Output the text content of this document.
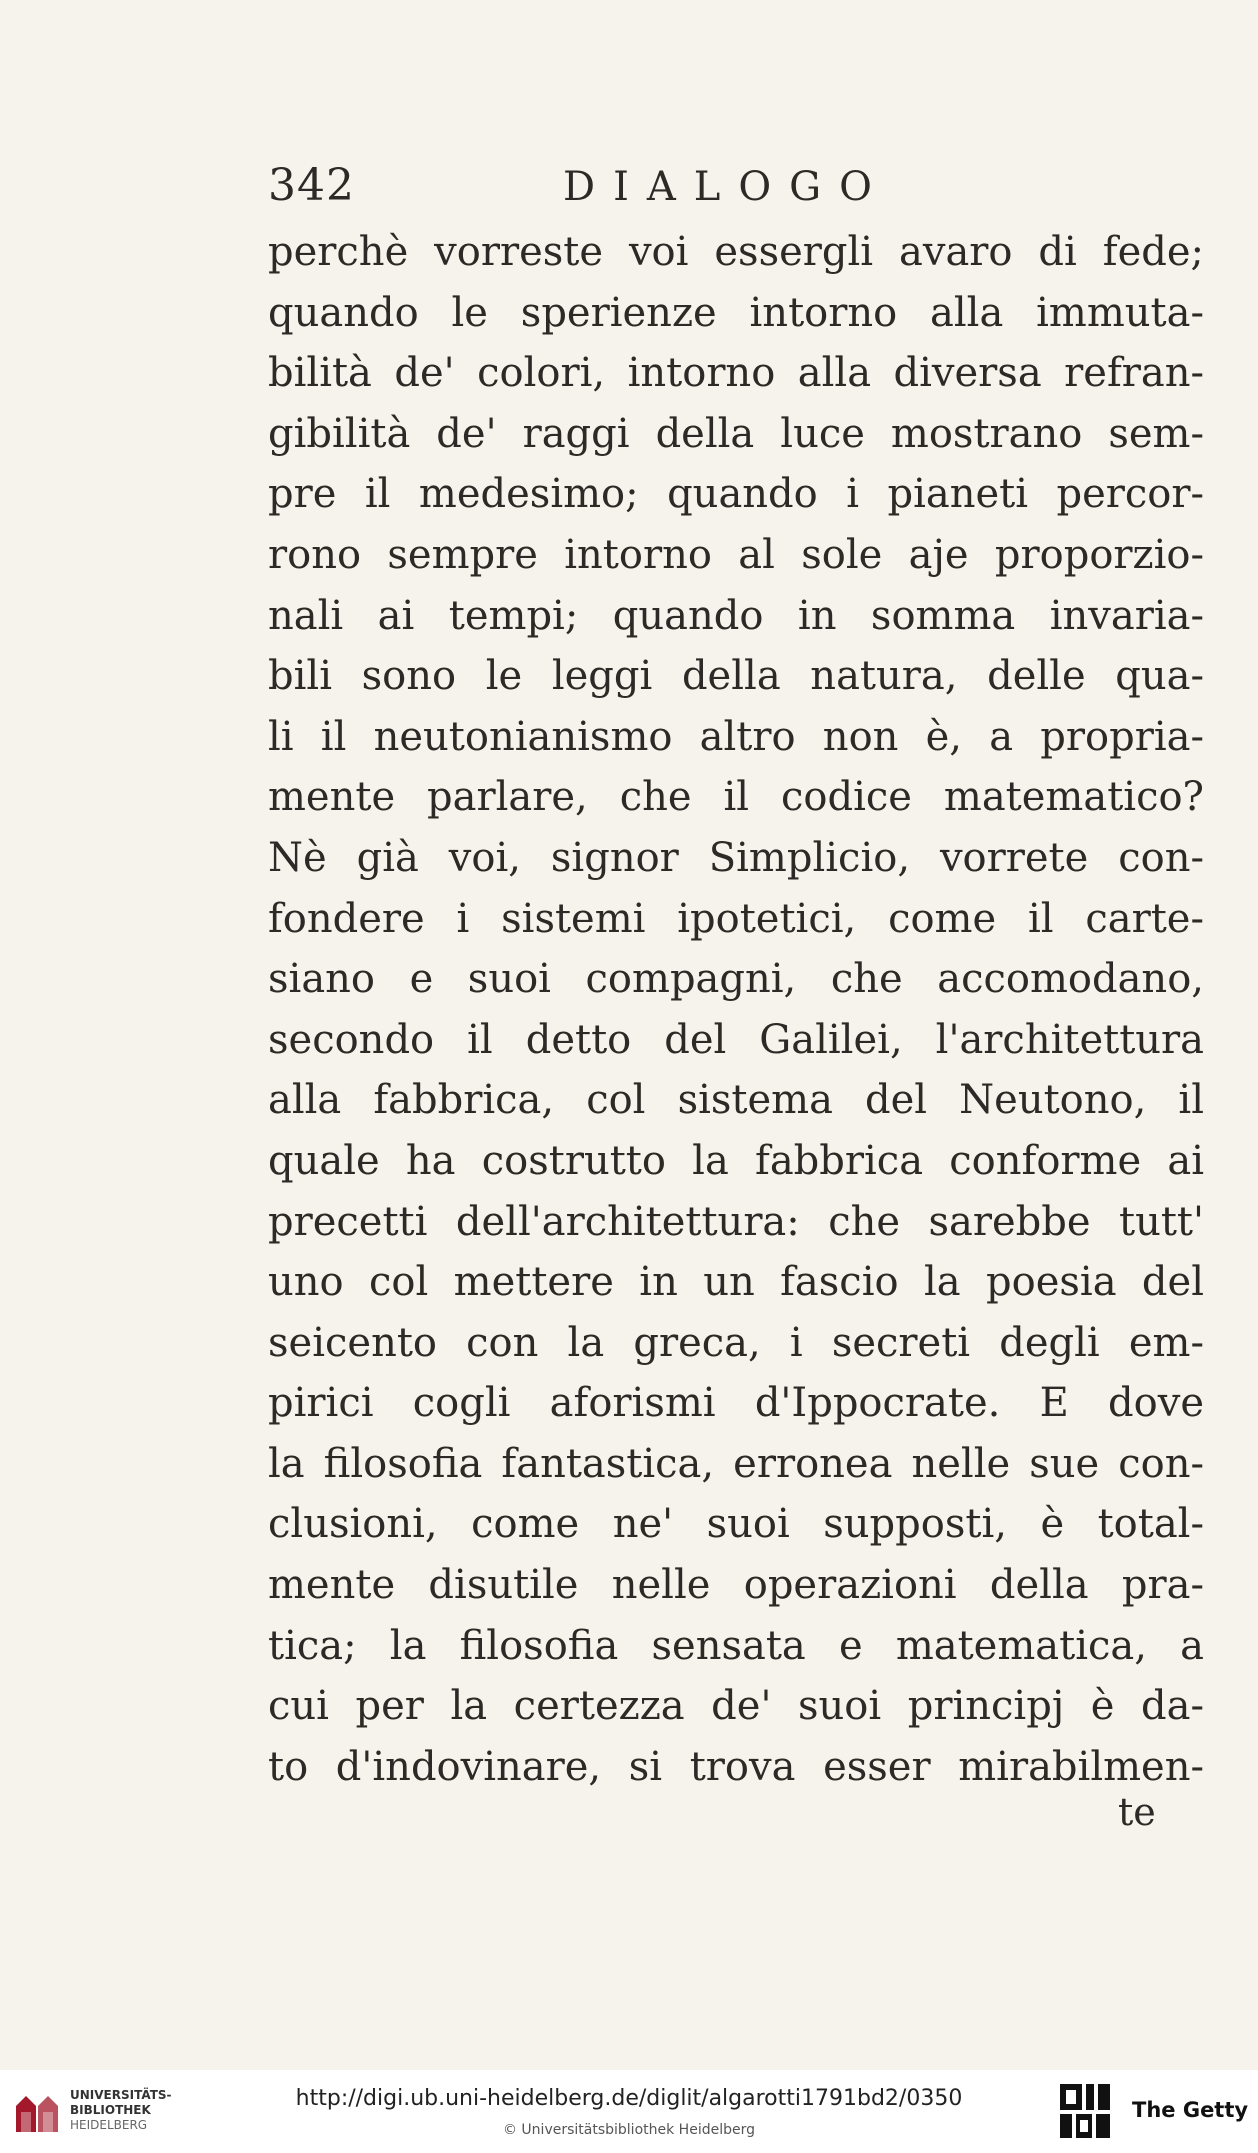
342	DIALOGO
perchè vorreste voi essergli avaro di fede;
quando le sperienze intorno alla immuta-
bilità de' colori, intorno alla diversa refran-
gibilità de' raggi della luce mostrano sem-
pre il medesimo; quando i pianeti percor-
rono sempre intorno al sole aje proporzio-
nali ai tempi; quando in somma invaria-
bili sono le leggi della natura, delle qua-
li il neutonianismo altro non è, a propria-
mente parlare, che il codice matematico?
Nè già voi, signor Simplicio, vorrete con-
fondere i sistemi ipotetici, come il carte-
siano e suoi compagni, che accomodano,
secondo il detto del Galilei, l'architettura
alla fabbrica, col sistema del Neutono, il
quale ha costrutto la fabbrica conforme ai
precetti dell'architettura: che sarebbe tutt'
uno col mettere in un fascio la poesia del
seicento con la greca, i secreti degli em-
pirici cogli aforismi d'Ippocrate. E dove
la filosofia fantastica, erronea nelle sue con-
clusioni, come ne' suoi supposti, è total-
mente disutile nelle operazioni della pra-
tica; la filosofia sensata e matematica, a
cui per la certezza de' suoi principj è da-
to d'indovinare, si trova esser mirabilmen-
te
UNIVERSITÄTS-
BIBLIOTHEK
HEIDELBERG
http://digi.ub.uni-heidelberg.de/diglit/algarotti1791bd2/0350
© Universitätsbibliothek Heidelberg
The Getty
